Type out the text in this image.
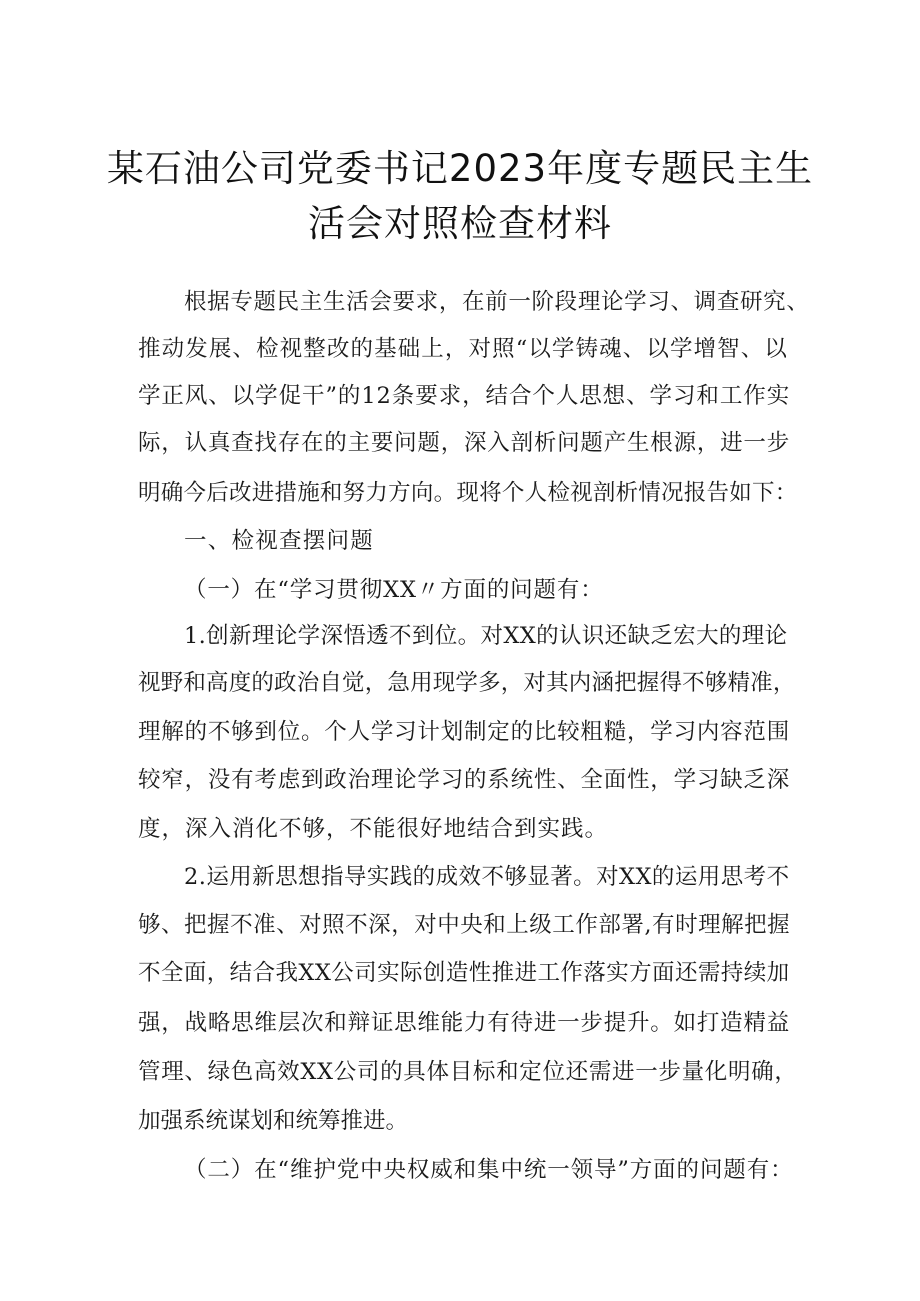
某石油公司党委书记2023年度专题民主生
活会对照检查材料
根据专题民主生活会要求，在前一阶段理论学习、调查研究、
推动发展、检视整改的基础上，对照“以学铸魂、以学增智、以
学正风、以学促干”的12条要求，结合个人思想、学习和工作实
际，认真查找存在的主要问题，深入剖析问题产生根源，进一步
明确今后改进措施和努力方向。现将个人检视剖析情况报告如下：
一、检视查摆问题
（一）在“学习贯彻XX〃方面的问题有：
1.创新理论学深悟透不到位。对XX的认识还缺乏宏大的理论
视野和高度的政治自觉，急用现学多，对其内涵把握得不够精准，
理解的不够到位。个人学习计划制定的比较粗糙，学习内容范围
较窄，没有考虑到政治理论学习的系统性、全面性，学习缺乏深
度，深入消化不够，不能很好地结合到实践。
2.运用新思想指导实践的成效不够显著。对XX的运用思考不
够、把握不准、对照不深，对中央和上级工作部署,有时理解把握
不全面，结合我XX公司实际创造性推进工作落实方面还需持续加
强，战略思维层次和辩证思维能力有待进一步提升。如打造精益
管理、绿色高效XX公司的具体目标和定位还需进一步量化明确，
加强系统谋划和统筹推进。
（二）在“维护党中央权威和集中统一领导”方面的问题有：
